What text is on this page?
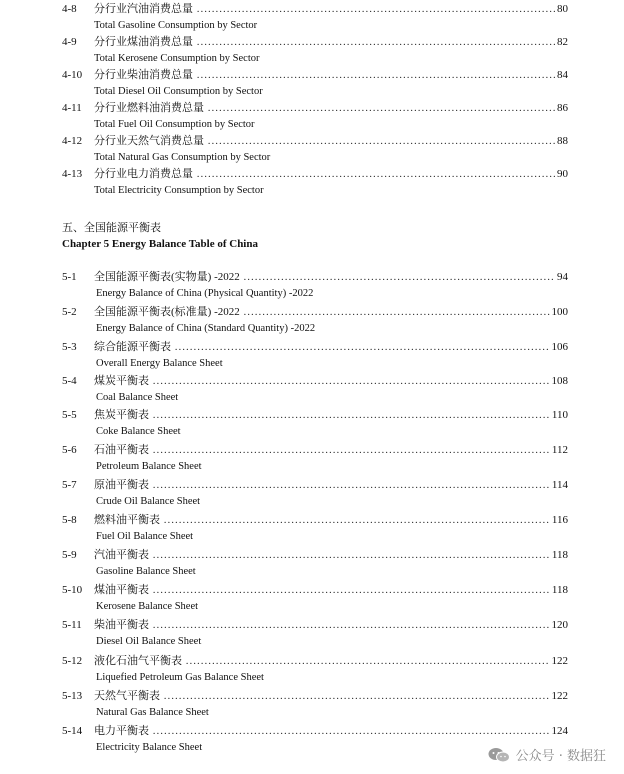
4-8 分行业汽油消费总量 .....	80
Total Gasoline Consumption by Sector
4-9 分行业煤油消费总量 .....	82
Total Kerosene Consumption by Sector
4-10 分行业柴油消费总量 .....	84
Total Diesel Oil Consumption by Sector
4-11 分行业燃料油消费总量 .....	86
Total Fuel Oil Consumption by Sector
4-12 分行业天然气消费总量 .....	88
Total Natural Gas Consumption by Sector
4-13 分行业电力消费总量 .....	90
Total Electricity Consumption by Sector
五、全国能源平衡表
Chapter 5 Energy Balance Table of China
5-1 全国能源平衡表(实物量) -2022 .....	94
Energy Balance of China (Physical Quantity) -2022
5-2 全国能源平衡表(标准量) -2022 .....	100
Energy Balance of China (Standard Quantity) -2022
5-3 综合能源平衡表 .....	106
Overall Energy Balance Sheet
5-4 煤炭平衡表 .....	108
Coal Balance Sheet
5-5 焦炭平衡表 .....	110
Coke Balance Sheet
5-6 石油平衡表 .....	112
Petroleum Balance Sheet
5-7 原油平衡表 .....	114
Crude Oil Balance Sheet
5-8 燃料油平衡表 .....	116
Fuel Oil Balance Sheet
5-9 汽油平衡表 .....	118
Gasoline Balance Sheet
5-10 煤油平衡表 .....	118
Kerosene Balance Sheet
5-11 柴油平衡表 .....	120
Diesel Oil Balance Sheet
5-12 液化石油气平衡表 .....	122
Liquefied Petroleum Gas Balance Sheet
5-13 天然气平衡表 .....	122
Natural Gas Balance Sheet
5-14 电力平衡表 .....	124
Electricity Balance Sheet
公众号 · 数据狂
